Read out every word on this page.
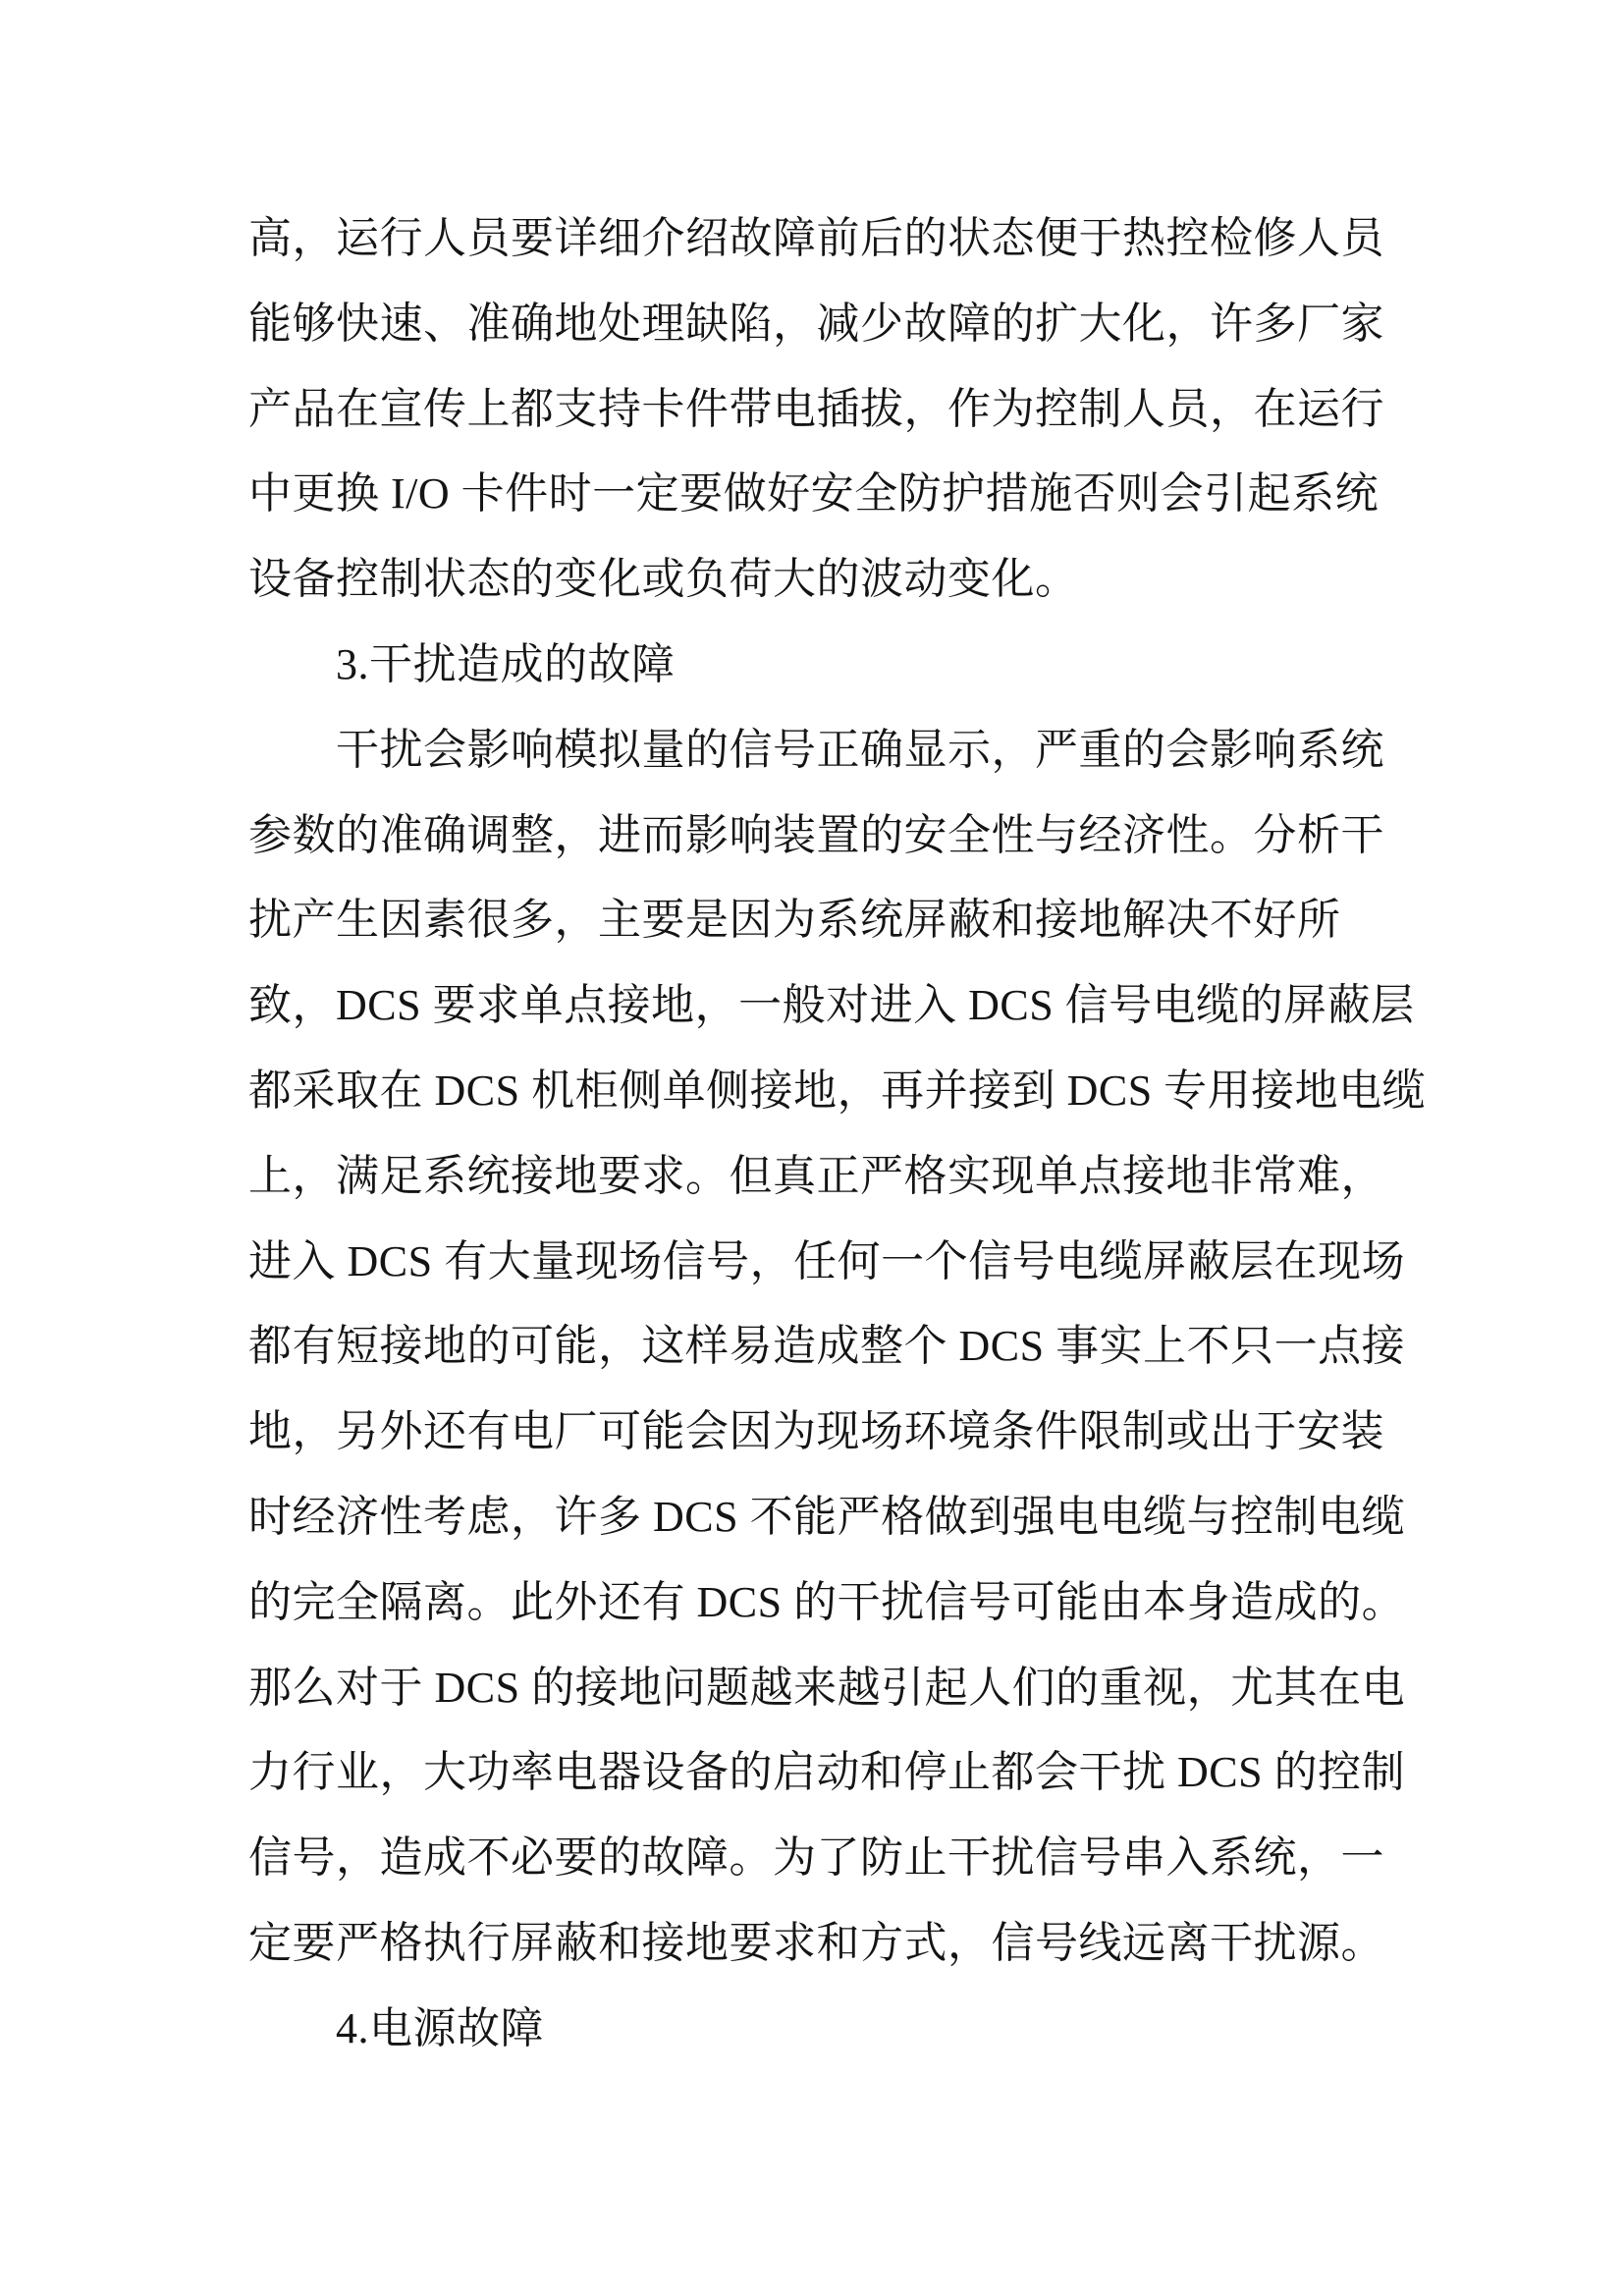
高，运行人员要详细介绍故障前后的状态便于热控检修人员
能够快速、准确地处理缺陷，减少故障的扩大化，许多厂家
产品在宣传上都支持卡件带电插拔，作为控制人员，在运行
中更换 I/O 卡件时一定要做好安全防护措施否则会引起系统
设备控制状态的变化或负荷大的波动变化。
3.干扰造成的故障
干扰会影响模拟量的信号正确显示，严重的会影响系统
参数的准确调整，进而影响装置的安全性与经济性。分析干
扰产生因素很多，主要是因为系统屏蔽和接地解决不好所
致，DCS 要求单点接地，一般对进入 DCS 信号电缆的屏蔽层
都采取在 DCS 机柜侧单侧接地，再并接到 DCS 专用接地电缆
上，满足系统接地要求。但真正严格实现单点接地非常难，
进入 DCS 有大量现场信号，任何一个信号电缆屏蔽层在现场
都有短接地的可能，这样易造成整个 DCS 事实上不只一点接
地，另外还有电厂可能会因为现场环境条件限制或出于安装
时经济性考虑，许多 DCS 不能严格做到强电电缆与控制电缆
的完全隔离。此外还有 DCS 的干扰信号可能由本身造成的。
那么对于 DCS 的接地问题越来越引起人们的重视，尤其在电
力行业，大功率电器设备的启动和停止都会干扰 DCS 的控制
信号，造成不必要的故障。为了防止干扰信号串入系统，一
定要严格执行屏蔽和接地要求和方式，信号线远离干扰源。
4.电源故障
